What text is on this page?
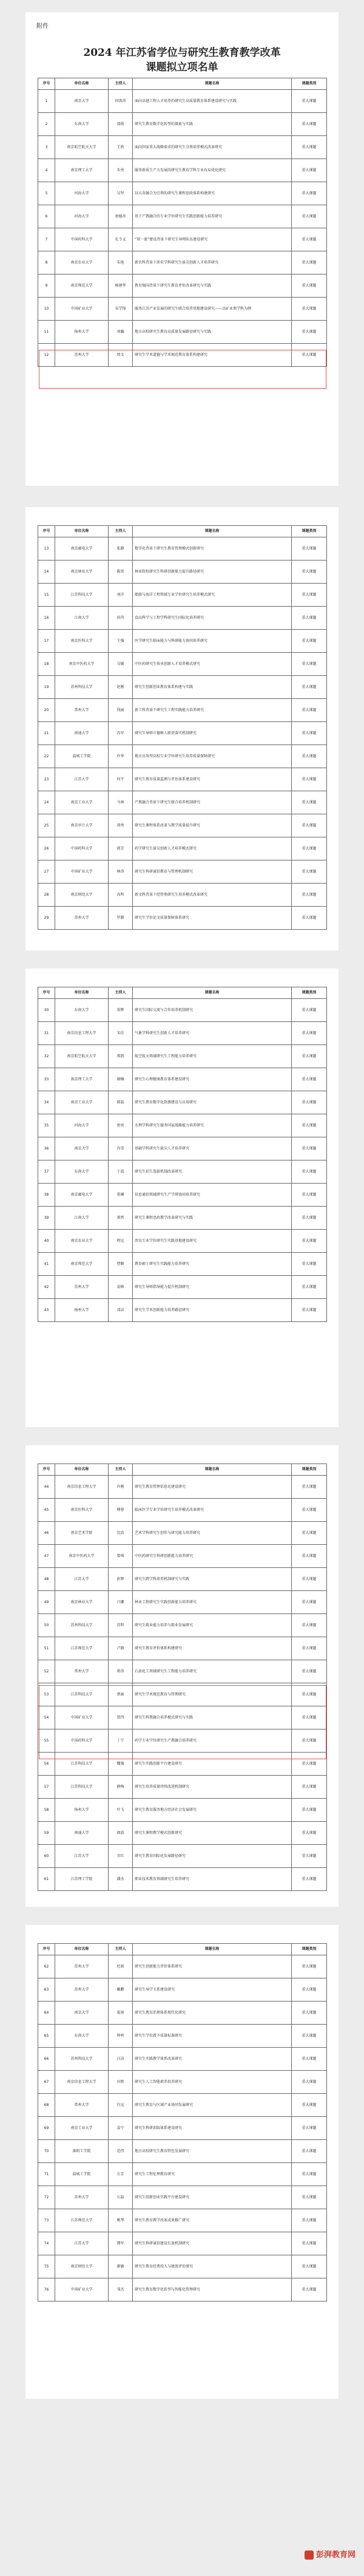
附件
2024 年江苏省学位与研究生教育教学改革
课题拟立项名单
序号	单位名称	主持人	课题名称	课题类别
1	南京大学	何洪涛	面向卓越工程人才培养的研究生高质量教育体系建设研究与实践	重大课题
2	东南大学	邵俊	研究生教育数字化转型的探索与实践	重大课题
3	南京航空航天大学	王欣	面向国家重大战略需求的研究生分类培养模式改革研究	重大课题
4	南京理工大学	朱勇	服务新质生产力发展的研究生教育学科专业布局优化研究	重大课题
5	河海大学	吴坚	以五育融合为引领的研究生课程思政体系构建研究	重大课题
6	河海大学	唐德善	基于产教融合的专业学位研究生实践创新能力培养研究	重大课题
7	中国药科大学	孔令义	“双一流”建设背景下研究生导师队伍建设研究	重大课题
8	南京农业大学	朱艳	新农科背景下涉农学科研究生拔尖创新人才培养研究	重大课题
9	南京师范大学	杨建华	教育强国背景下研究生教育评价改革研究与实践	重大课题
10	中国矿业大学	宋学锋	服务江苏产业发展的研究生联合培养基地建设研究——以矿业类学科为例	重大课题
11	扬州大学	刘巍	地方高校研究生教育高质量发展路径研究与实践	重大课题
12	苏州大学	周文	研究生学术道德与学术规范教育体系构建研究	重大课题
序号	单位名称	主持人	课题名称	课题类别
13	南京邮电大学	张静	数字化背景下研究生教育管理模式创新研究	重大课题
14	南京林业大学	陈雷	林业院校研究生科研创新能力提升路径研究	重大课题
15	江苏科技大学	刘洋	船舶与海洋工程领域专业学位研究生培养模式研究	重大课题
16	江南大学	孙伟	食品科学与工程学科研究生国际化培养研究	重大课题
17	南京医科大学	王强	医学研究生临床能力与科研能力协同培养研究	重大课题
18	南京中医药大学	吴敏	中医药研究生传承创新人才培养模式研究	重大课题
19	苏州科技大学	赵刚	研究生创新创业教育体系构建与实践	重大课题
20	常州大学	钱丽	新工科背景下研究生工程实践能力培养研究	重大课题
21	南通大学	冯军	研究生导师立德树人职责落实机制研究	重大课题
22	盐城工学院	许华	地方应用型高校专业学位研究生培养质量保障研究	重大课题
23	江苏大学	何平	研究生教育质量监测与评估体系建设研究	重大课题
24	南京工业大学	马林	产教融合背景下研究生联合培养机制研究	重大课题
25	南京审计大学	胡勇	研究生课程体系改革与教学质量提升研究	重大课题
26	中国药科大学	郭芳	药学研究生拔尖创新人才培养模式研究	重大课题
27	中国矿业大学	林涛	研究生科研诚信教育与管理机制研究	重大课题
28	南京财经大学	高明	新文科背景下经管类研究生培养模式改革研究	重大课题
29	苏州大学	罗静	研究生学位论文质量保障体系研究	重大课题
序号	单位名称	主持人	课题名称	课题类别
30	东南大学	梁辉	研究生国际交流与合作培养机制研究	重大课题
31	南京信息工程大学	宋佳	气象学科研究生创新人才培养研究	重大课题
32	南京航空航天大学	郑凯	航空航天领域研究生工程能力培养研究	重大课题
33	南京理工大学	谢楠	研究生心理健康教育体系建设研究	重大课题
34	南京工业大学	韩磊	研究生教育数字化资源建设与应用研究	重大课题
35	河海大学	唐亮	水利学科研究生服务国家战略能力培养研究	重大课题
36	南京大学	冯雪	基础学科研究生拔尖人才培养研究	重大课题
37	东南大学	于波	研究生招生选拔机制改革研究	重大课题
38	南京邮电大学	董琳	信息通信领域研究生产学研协同培养研究	重大课题
39	江南大学	萧然	研究生课程思政教学改革研究与实践	重大课题
40	南京农业大学	程远	涉农专业学位研究生实践基地建设研究	重大课题
41	南京师范大学	曹颖	教育硕士研究生实践能力培养研究	重大课题
42	苏州大学	袁峰	研究生导师指导能力提升机制研究	重大课题
43	扬州大学	邓洁	研究生学术创新能力培养路径研究	重大课题
序号	单位名称	主持人	课题名称	课题类别
44	南京信息工程大学	许刚	研究生教育管理信息化建设研究	重大课题
45	南京医科大学	傅蓉	临床医学专业学位研究生培养模式改革研究	重大课题
46	南京艺术学院	沈浩	艺术学科研究生创作与研究能力培养研究	重大课题
47	南京中医药大学	曾琪	中医药研究生科研创新能力培养研究	重大课题
48	江苏大学	彭辉	研究生跨学科培养机制研究与实践	重大课题
49	南京林业大学	吕娜	林业工程研究生实践创新能力培养研究	重大课题
50	苏州科技大学	苏明	研究生就业能力培养与职业发展研究	重大课题
51	江苏师范大学	卢静	研究生教育评价体系构建研究	重大课题
52	常州大学	蒋涛	石油化工领域研究生工程能力培养研究	重大课题
53	江苏科技大学	蔡丽	研究生学术规范教育与管理研究	重大课题
54	中国矿业大学	贾伟	研究生科教融合培养模式研究与实践	重大课题
55	中国药科大学	丁宁	药学专业学位研究生产教融合培养研究	重大课题
56	江苏科技大学	魏强	研究生实践创新平台建设研究	重大课题
57	江苏科技大学	薛梅	研究生培养质量持续改进机制研究	重大课题
58	扬州大学	叶飞	研究生教育服务地方经济社会发展研究	重大课题
59	南通大学	阎波	研究生课程教学模式创新研究	重大课题
60	江苏大学	余红	研究生教育国际化发展路径研究	重大课题
61	江苏理工学院	潘杰	职业技术教育领域研究生培养研究	重大课题
序号	单位名称	主持人	课题名称	课题类别
62	苏州大学	杜娟	研究生创新能力评价体系研究	重大课题
63	苏州大学	戴鹏	研究生导学关系建设研究	重大课题
64	南京大学	夏雨	研究生教育治理体系现代化研究	重大课题
65	东南大学	钟鸣	研究生学位授予质量标准研究	重大课题
66	苏州科技大学	汪洁	研究生实践教学体系改革研究	重大课题
67	南京信息工程大学	田野	研究生人工智能素养培养研究	重大课题
68	常州大学	任远	研究生教育与区域产业协同发展研究	重大课题
69	南京工业大学	姜宁	研究生科研训练体系建设研究	重大课题
70	淮阴工学院	范伟	地方高校研究生教育特色发展研究	重大课题
71	盐城工学院	方芳	研究生工程伦理教育研究	重大课题
72	苏州大学	石磊	研究生创新创业实践平台建设研究	重大课题
73	江苏师范大学	姚琴	研究生教育教学改革成果推广研究	重大课题
74	江苏大学	谭军	研究生科研诚信建设长效机制研究	重大课题
75	南京财经大学	廖敏	研究生教育经费投入与绩效评价研究	重大课题
76	中国矿业大学	邹杰	研究生教育数字化转型与智能化管理研究	重大课题
彭湃教育网
